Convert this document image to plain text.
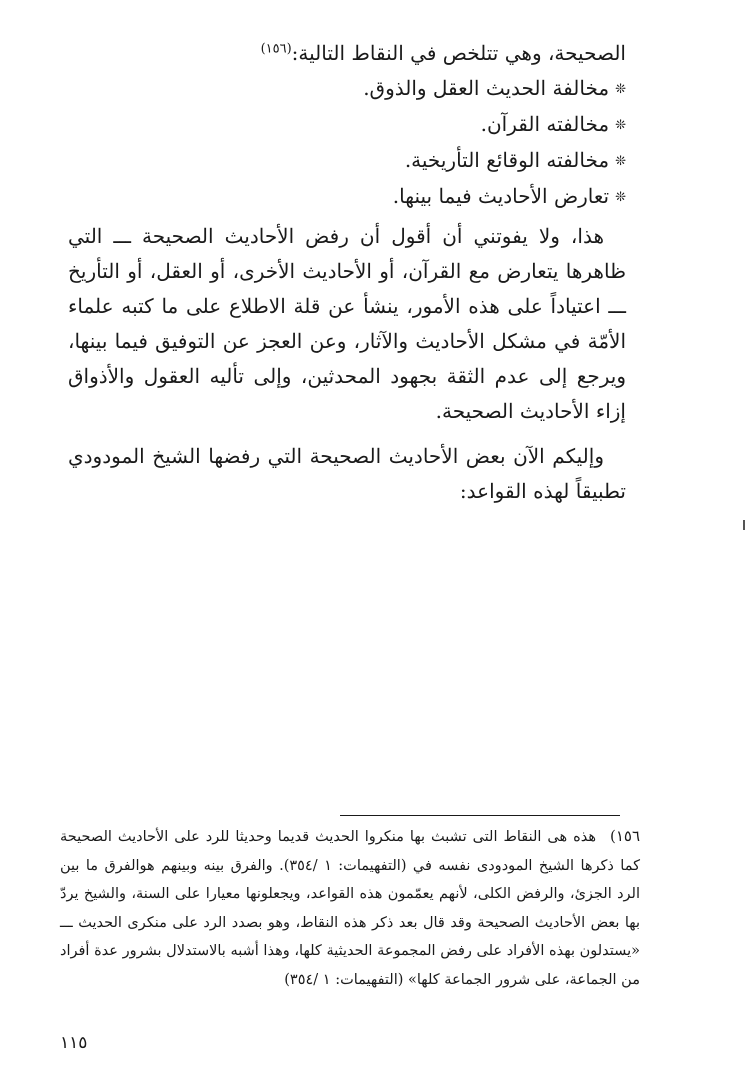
الصحيحة، وهي تتلخص في النقاط التالية:$^{(١٥٦)}$

❊مخالفة الحديث العقل والذوق.
❊مخالفته القرآن.
❊مخالفته الوقائع التأريخية.
❊تعارض الأحاديث فيما بينها.

هذا، ولا يفوتني أن أقول أن رفض الأحاديث الصحيحة ـــ التي ظاهرها يتعارض مع القرآن، أو الأحاديث الأخرى، أو العقل، أو التأريخ ـــ اعتياداً على هذه الأمور، ينشأ عن قلة الاطلاع على ما كتبه علماء الأمّة في مشكل الأحاديث والآثار، وعن العجز عن التوفيق فيما بينها، ويرجع إلى عدم الثقة بجهود المحدثين، وإلى تأليه العقول والأذواق إزاء الأحاديث الصحيحة.

وإليكم الآن بعض الأحاديث الصحيحة التي رفضها الشيخ المودودي تطبيقاً لهذه القواعد:

١٥٦)هذه هى النقاط التى تشبث بها منكروا الحديث قديما وحديثا للرد على الأحاديث الصحيحة كما ذكرها الشيخ المودودى نفسه في (التفهيمات: ١ /٣٥٤). والفرق بينه وبينهم هوالفرق ما بين الرد الجزئ، والرفض الكلى، لأنهم يعمّمون هذه القواعد، ويجعلونها معيارا على السنة، والشيخ يردّ بها بعض الأحاديث الصحيحة وقد قال بعد ذكر هذه النقاط، وهو بصدد الرد على منكرى الحديث ـــ «يستدلون بهذه الأفراد على رفض المجموعة الحديثية كلها، وهذا أشبه بالاستدلال بشرور عدة أفراد من الجماعة، على شرور الجماعة كلها» (التفهيمات: ١ /٣٥٤)

١١٥
